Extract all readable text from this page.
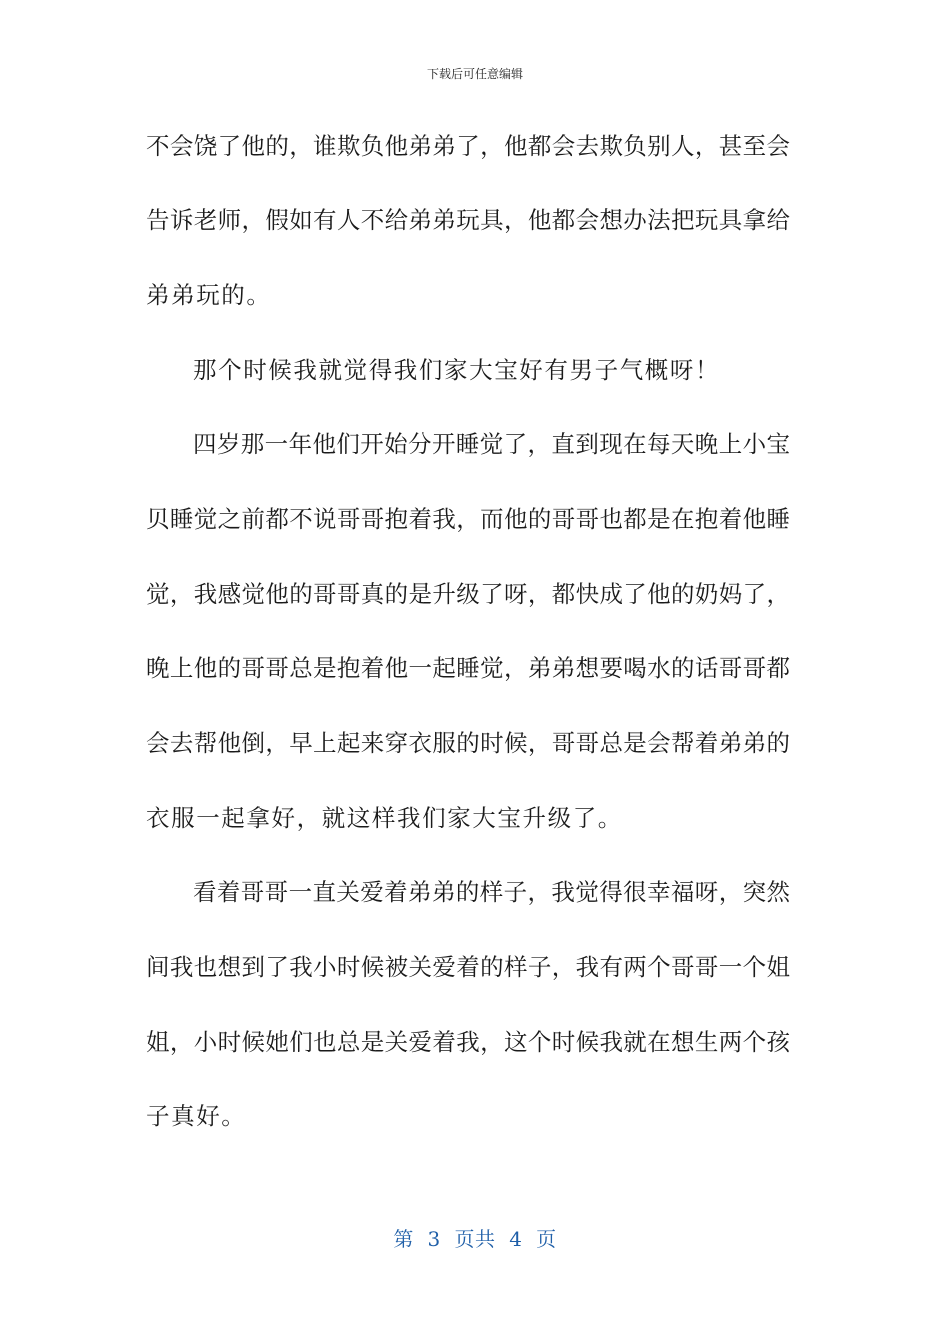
下载后可任意编辑
不会饶了他的，谁欺负他弟弟了，他都会去欺负别人，甚至会
告诉老师，假如有人不给弟弟玩具，他都会想办法把玩具拿给
弟弟玩的。
那个时候我就觉得我们家大宝好有男子气概呀！
四岁那一年他们开始分开睡觉了，直到现在每天晚上小宝
贝睡觉之前都不说哥哥抱着我，而他的哥哥也都是在抱着他睡
觉，我感觉他的哥哥真的是升级了呀，都快成了他的奶妈了，
晚上他的哥哥总是抱着他一起睡觉，弟弟想要喝水的话哥哥都
会去帮他倒，早上起来穿衣服的时候，哥哥总是会帮着弟弟的
衣服一起拿好，就这样我们家大宝升级了。
看着哥哥一直关爱着弟弟的样子，我觉得很幸福呀，突然
间我也想到了我小时候被关爱着的样子，我有两个哥哥一个姐
姐，小时候她们也总是关爱着我，这个时候我就在想生两个孩
子真好。
第  3  页共  4  页
